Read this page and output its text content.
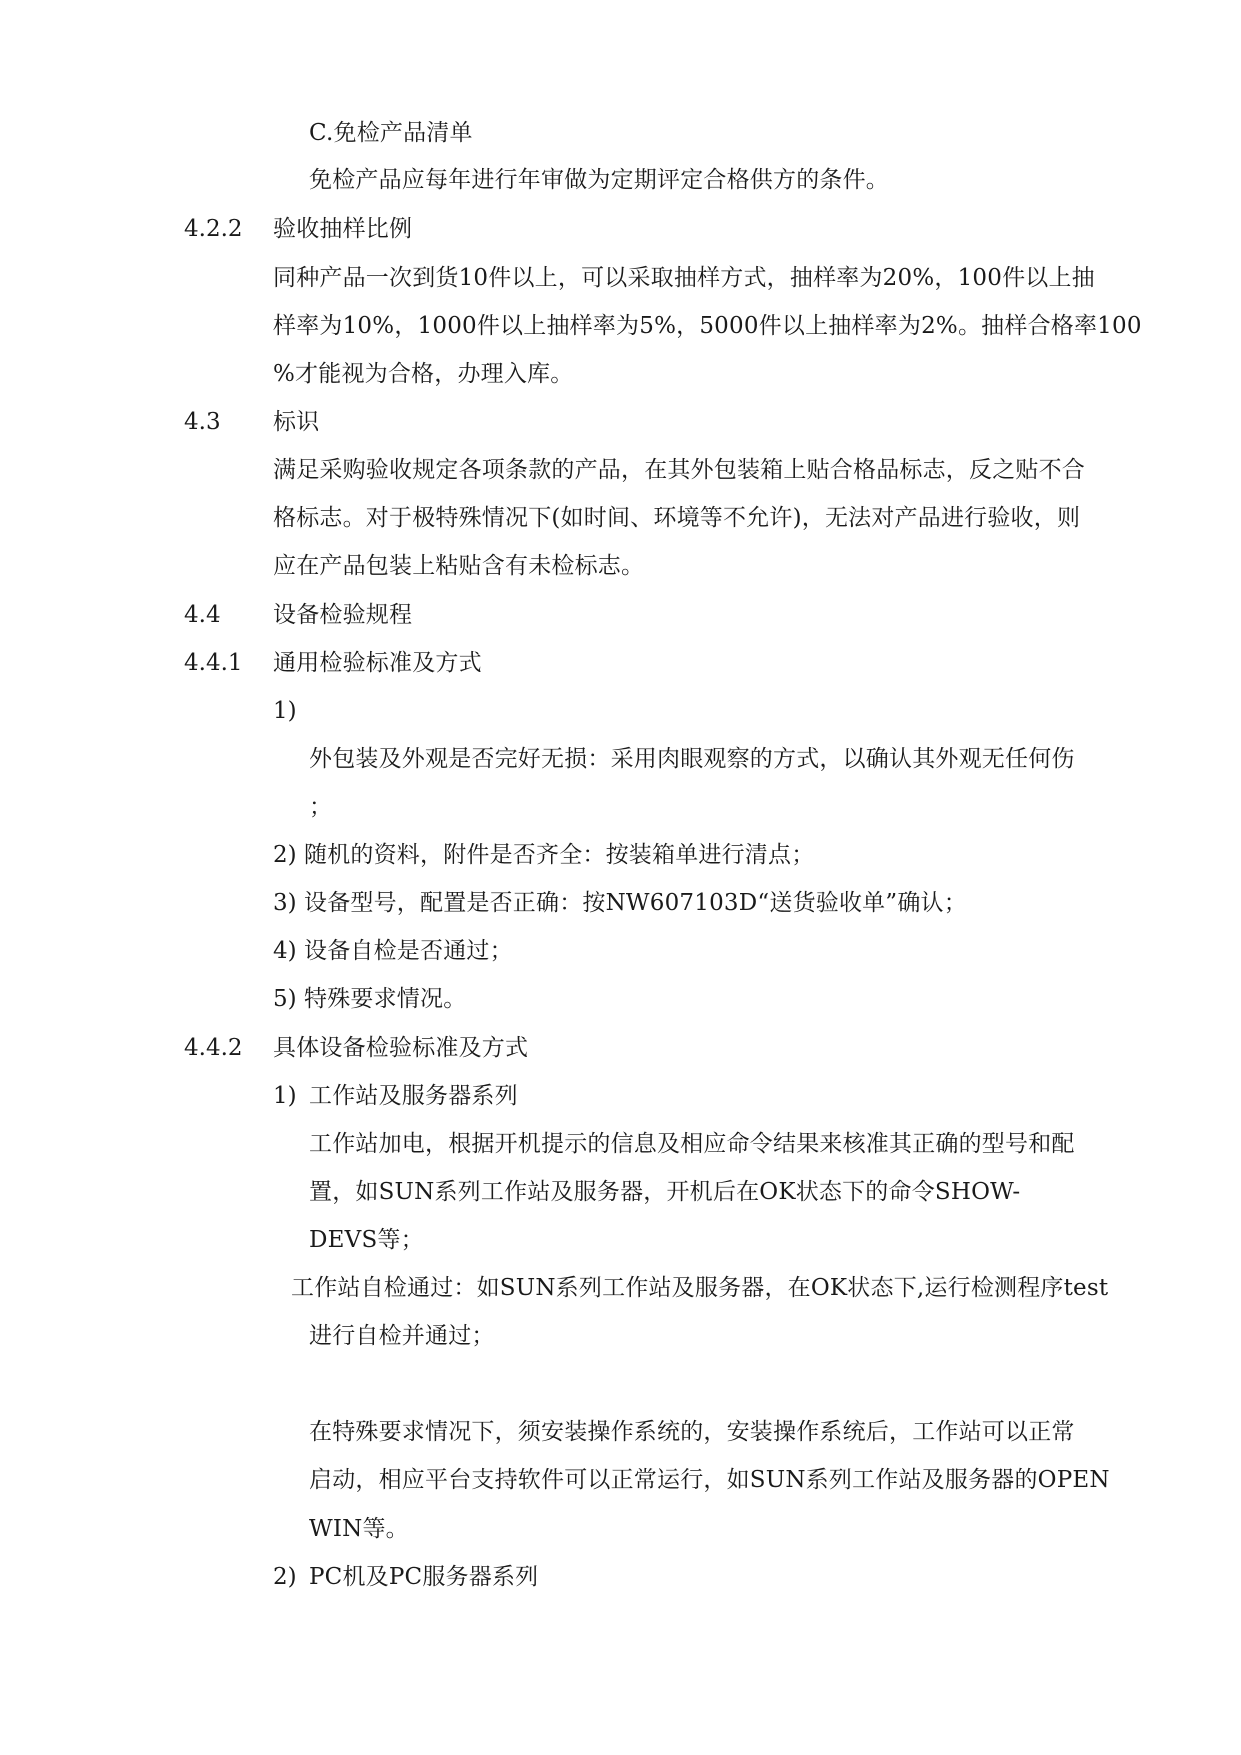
C.免检产品清单
免检产品应每年进行年审做为定期评定合格供方的条件。
4.2.2 验收抽样比例
同种产品一次到货10件以上，可以采取抽样方式，抽样率为20%，100件以上抽
样率为10%，1000件以上抽样率为5%，5000件以上抽样率为2%。抽样合格率100
%才能视为合格，办理入库。
4.3 标识
满足采购验收规定各项条款的产品，在其外包装箱上贴合格品标志，反之贴不合
格标志。对于极特殊情况下(如时间、环境等不允许)，无法对产品进行验收，则
应在产品包装上粘贴含有未检标志。
4.4 设备检验规程
4.4.1 通用检验标准及方式
1)
外包装及外观是否完好无损：采用肉眼观察的方式，以确认其外观无任何伤
；
2) 随机的资料，附件是否齐全：按装箱单进行清点；
3) 设备型号，配置是否正确：按NW607103D“送货验收单”确认；
4) 设备自检是否通过；
5) 特殊要求情况。
4.4.2 具体设备检验标准及方式
1) 工作站及服务器系列
工作站加电，根据开机提示的信息及相应命令结果来核准其正确的型号和配
置，如SUN系列工作站及服务器，开机后在OK状态下的命令SHOW-
DEVS等；
工作站自检通过：如SUN系列工作站及服务器，在OK状态下,运行检测程序test
进行自检并通过；
在特殊要求情况下，须安装操作系统的，安装操作系统后，工作站可以正常
启动，相应平台支持软件可以正常运行，如SUN系列工作站及服务器的OPEN
WIN等。
2) PC机及PC服务器系列
